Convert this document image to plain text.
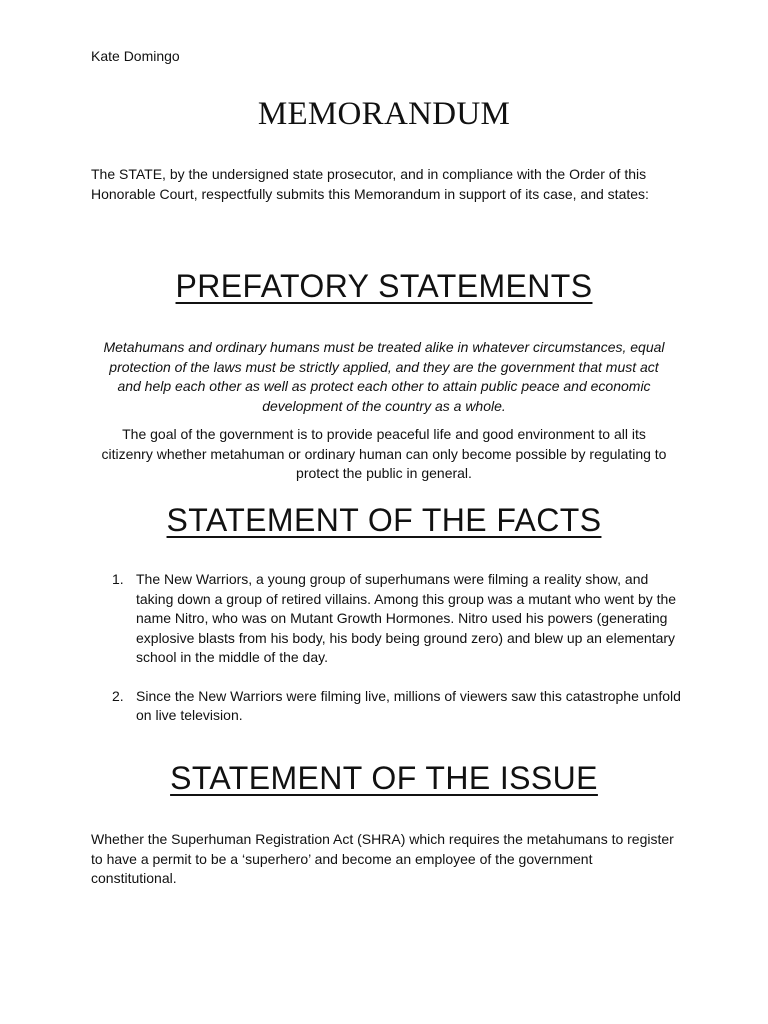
Kate Domingo
MEMORANDUM
The STATE, by the undersigned state prosecutor, and in compliance with the Order of this Honorable Court, respectfully submits this Memorandum in support of its case, and states:
PREFATORY STATEMENTS
Metahumans and ordinary humans must be treated alike in whatever circumstances, equal protection of the laws must be strictly applied, and they are the government that must act and help each other as well as protect each other to attain public peace and economic development of the country as a whole.
The goal of the government is to provide peaceful life and good environment to all its citizenry whether metahuman or ordinary human can only become possible by regulating to protect the public in general.
STATEMENT OF THE FACTS
1. The New Warriors, a young group of superhumans were filming a reality show, and taking down a group of retired villains. Among this group was a mutant who went by the name Nitro, who was on Mutant Growth Hormones. Nitro used his powers (generating explosive blasts from his body, his body being ground zero) and blew up an elementary school in the middle of the day.
2. Since the New Warriors were filming live, millions of viewers saw this catastrophe unfold on live television.
STATEMENT OF THE ISSUE
Whether the Superhuman Registration Act (SHRA) which requires the metahumans to register to have a permit to be a ‘superhero’ and become an employee of the government constitutional.
